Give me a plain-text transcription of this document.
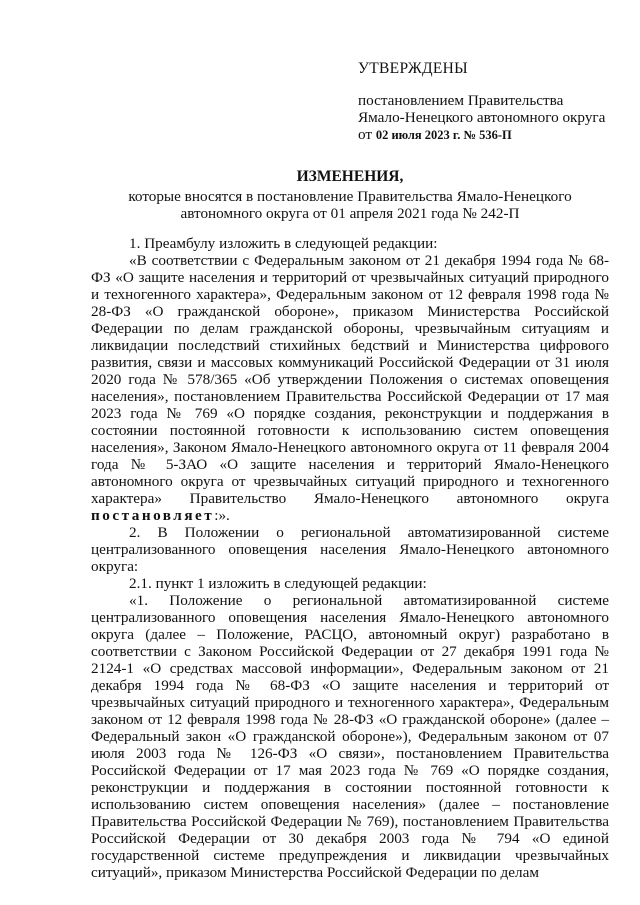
УТВЕРЖДЕНЫ
постановлением Правительства
Ямало-Ненецкого автономного округа
от 02 июля 2023 г. № 536-П
ИЗМЕНЕНИЯ,
которые вносятся в постановление Правительства Ямало-Ненецкого
автономного округа от 01 апреля 2021 года № 242-П

1. Преамбулу изложить в следующей редакции:

«В соответствии с Федеральным законом от 21 декабря 1994 года № 68-ФЗ «О защите населения и территорий от чрезвычайных ситуаций природного и техногенного характера», Федеральным законом от 12 февраля 1998 года № 28-ФЗ «О гражданской обороне», приказом Министерства Российской Федерации по делам гражданской обороны, чрезвычайным ситуациям и ликвидации последствий стихийных бедствий и Министерства цифрового развития, связи и массовых коммуникаций Российской Федерации от 31 июля 2020 года № 578/365 «Об утверждении Положения о системах оповещения населения», постановлением Правительства Российской Федерации от 17 мая 2023 года № 769 «О порядке создания, реконструкции и поддержания в состоянии постоянной готовности к использованию систем оповещения населения», Законом Ямало-Ненецкого автономного округа от 11 февраля 2004 года № 5-ЗАО «О защите населения и территорий Ямало-Ненецкого автономного округа от чрезвычайных ситуаций природного и техногенного характера» Правительство Ямало-Ненецкого автономного округа постановляет:».

2. В Положении о региональной автоматизированной системе централизованного оповещения населения Ямало-Ненецкого автономного округа:

2.1. пункт 1 изложить в следующей редакции:

«1. Положение о региональной автоматизированной системе централизованного оповещения населения Ямало-Ненецкого автономного округа (далее – Положение, РАСЦО, автономный округ) разработано в соответствии с Законом Российской Федерации от 27 декабря 1991 года № 2124-1 «О средствах массовой информации», Федеральным законом от 21 декабря 1994 года № 68-ФЗ «О защите населения и территорий от чрезвычайных ситуаций природного и техногенного характера», Федеральным законом от 12 февраля 1998 года № 28-ФЗ «О гражданской обороне» (далее – Федеральный закон «О гражданской обороне»), Федеральным законом от 07 июля 2003 года № 126-ФЗ «О связи», постановлением Правительства Российской Федерации от 17 мая 2023 года № 769 «О порядке создания, реконструкции и поддержания в состоянии постоянной готовности к использованию систем оповещения населения» (далее – постановление Правительства Российской Федерации № 769), постановлением Правительства Российской Федерации от 30 декабря 2003 года № 794 «О единой государственной системе предупреждения и ликвидации чрезвычайных ситуаций», приказом Министерства Российской Федерации по делам
